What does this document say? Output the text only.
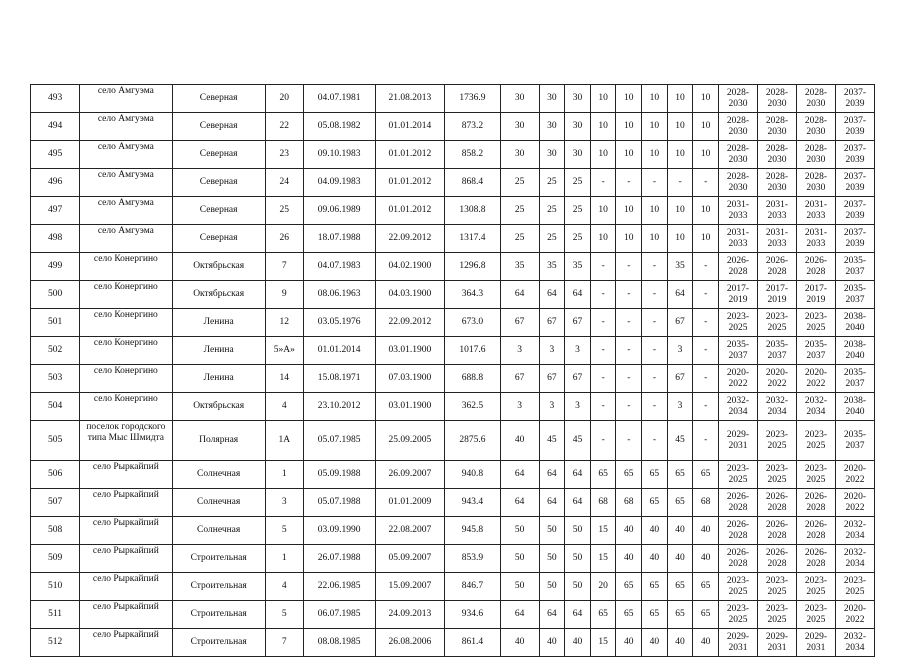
493	село Амгуэма	Северная	20	04.07.1981	21.08.2013	1736.9	30	30	30	10	10	10	10	10	2028-2030	2028-2030	2028-2030	2037-2039
494	село Амгуэма	Северная	22	05.08.1982	01.01.2014	873.2	30	30	30	10	10	10	10	10	2028-2030	2028-2030	2028-2030	2037-2039
495	село Амгуэма	Северная	23	09.10.1983	01.01.2012	858.2	30	30	30	10	10	10	10	10	2028-2030	2028-2030	2028-2030	2037-2039
496	село Амгуэма	Северная	24	04.09.1983	01.01.2012	868.4	25	25	25	-	-	-	-	-	2028-2030	2028-2030	2028-2030	2037-2039
497	село Амгуэма	Северная	25	09.06.1989	01.01.2012	1308.8	25	25	25	10	10	10	10	10	2031-2033	2031-2033	2031-2033	2037-2039
498	село Амгуэма	Северная	26	18.07.1988	22.09.2012	1317.4	25	25	25	10	10	10	10	10	2031-2033	2031-2033	2031-2033	2037-2039
499	село Конергино	Октябрьская	7	04.07.1983	04.02.1900	1296.8	35	35	35	-	-	-	35	-	2026-2028	2026-2028	2026-2028	2035-2037
500	село Конергино	Октябрьская	9	08.06.1963	04.03.1900	364.3	64	64	64	-	-	-	64	-	2017-2019	2017-2019	2017-2019	2035-2037
501	село Конергино	Ленина	12	03.05.1976	22.09.2012	673.0	67	67	67	-	-	-	67	-	2023-2025	2023-2025	2023-2025	2038-2040
502	село Конергино	Ленина	5»А»	01.01.2014	03.01.1900	1017.6	3	3	3	-	-	-	3	-	2035-2037	2035-2037	2035-2037	2038-2040
503	село Конергино	Ленина	14	15.08.1971	07.03.1900	688.8	67	67	67	-	-	-	67	-	2020-2022	2020-2022	2020-2022	2035-2037
504	село Конергино	Октябрьская	4	23.10.2012	03.01.1900	362.5	3	3	3	-	-	-	3	-	2032-2034	2032-2034	2032-2034	2038-2040
505	поселок городского типа Мыс Шмидта	Полярная	1А	05.07.1985	25.09.2005	2875.6	40	45	45	-	-	-	45	-	2029-2031	2023-2025	2023-2025	2035-2037
506	село Рыркайпий	Солнечная	1	05.09.1988	26.09.2007	940.8	64	64	64	65	65	65	65	65	2023-2025	2023-2025	2023-2025	2020-2022
507	село Рыркайпий	Солнечная	3	05.07.1988	01.01.2009	943.4	64	64	64	68	68	65	65	68	2026-2028	2026-2028	2026-2028	2020-2022
508	село Рыркайпий	Солнечная	5	03.09.1990	22.08.2007	945.8	50	50	50	15	40	40	40	40	2026-2028	2026-2028	2026-2028	2032-2034
509	село Рыркайпий	Строительная	1	26.07.1988	05.09.2007	853.9	50	50	50	15	40	40	40	40	2026-2028	2026-2028	2026-2028	2032-2034
510	село Рыркайпий	Строительная	4	22.06.1985	15.09.2007	846.7	50	50	50	20	65	65	65	65	2023-2025	2023-2025	2023-2025	2023-2025
511	село Рыркайпий	Строительная	5	06.07.1985	24.09.2013	934.6	64	64	64	65	65	65	65	65	2023-2025	2023-2025	2023-2025	2020-2022
512	село Рыркайпий	Строительная	7	08.08.1985	26.08.2006	861.4	40	40	40	15	40	40	40	40	2029-2031	2029-2031	2029-2031	2032-2034
